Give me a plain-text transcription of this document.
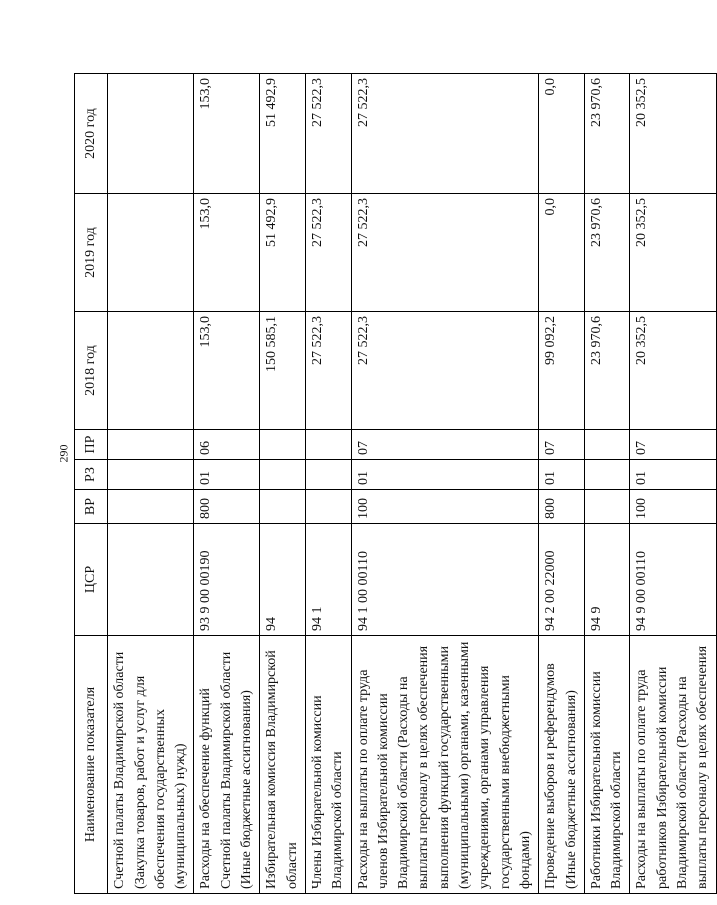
290
Наименование показателя	ЦСР	ВР	РЗ	ПР	2018 год	2019 год	2020 год
Счетной палаты Владимирской области (Закупка товаров, работ и услуг для обеспечения государственных (муниципальных) нужд)							
Расходы на обеспечение функций Счетной палаты Владимирской области (Иные бюджетные ассигнования)	93 9 00 00190	800	01	06	153,0	153,0	153,0
Избирательная комиссия Владимирской области	94				150 585,1	51 492,9	51 492,9
Члены Избирательной комиссии Владимирской области	94 1				27 522,3	27 522,3	27 522,3
Расходы на выплаты по оплате труда членов Избирательной комиссии Владимирской области (Расходы на выплаты персоналу в целях обеспечения выполнения функций государственными (муниципальными) органами, казенными учреждениями, органами управления государственными внебюджетными фондами)	94 1 00 00110	100	01	07	27 522,3	27 522,3	27 522,3
Проведение выборов и референдумов (Иные бюджетные ассигнования)	94 2 00 22000	800	01	07	99 092,2	0,0	0,0
Работники Избирательной комиссии Владимирской области	94 9				23 970,6	23 970,6	23 970,6
Расходы на выплаты по оплате труда работников Избирательной комиссии Владимирской области (Расходы на выплаты персоналу в целях обеспечения	94 9 00 00110	100	01	07	20 352,5	20 352,5	20 352,5
